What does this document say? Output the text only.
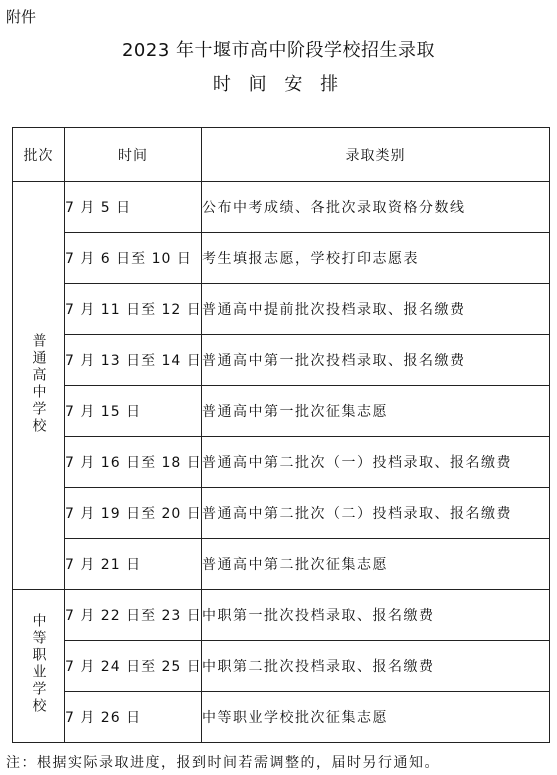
附件
2023 年十堰市高中阶段学校招生录取
时 间 安 排
批次	时间	录取类别
普通高中学校	7 月 5 日	公布中考成绩、各批次录取资格分数线
	7 月 6 日至 10 日	考生填报志愿，学校打印志愿表
	7 月 11 日至 12 日	普通高中提前批次投档录取、报名缴费
	7 月 13 日至 14 日	普通高中第一批次投档录取、报名缴费
	7 月 15 日	普通高中第一批次征集志愿
	7 月 16 日至 18 日	普通高中第二批次（一）投档录取、报名缴费
	7 月 19 日至 20 日	普通高中第二批次（二）投档录取、报名缴费
	7 月 21 日	普通高中第二批次征集志愿
中等职业学校	7 月 22 日至 23 日	中职第一批次投档录取、报名缴费
	7 月 24 日至 25 日	中职第二批次投档录取、报名缴费
	7 月 26 日	中等职业学校批次征集志愿
注：根据实际录取进度，报到时间若需调整的，届时另行通知。
